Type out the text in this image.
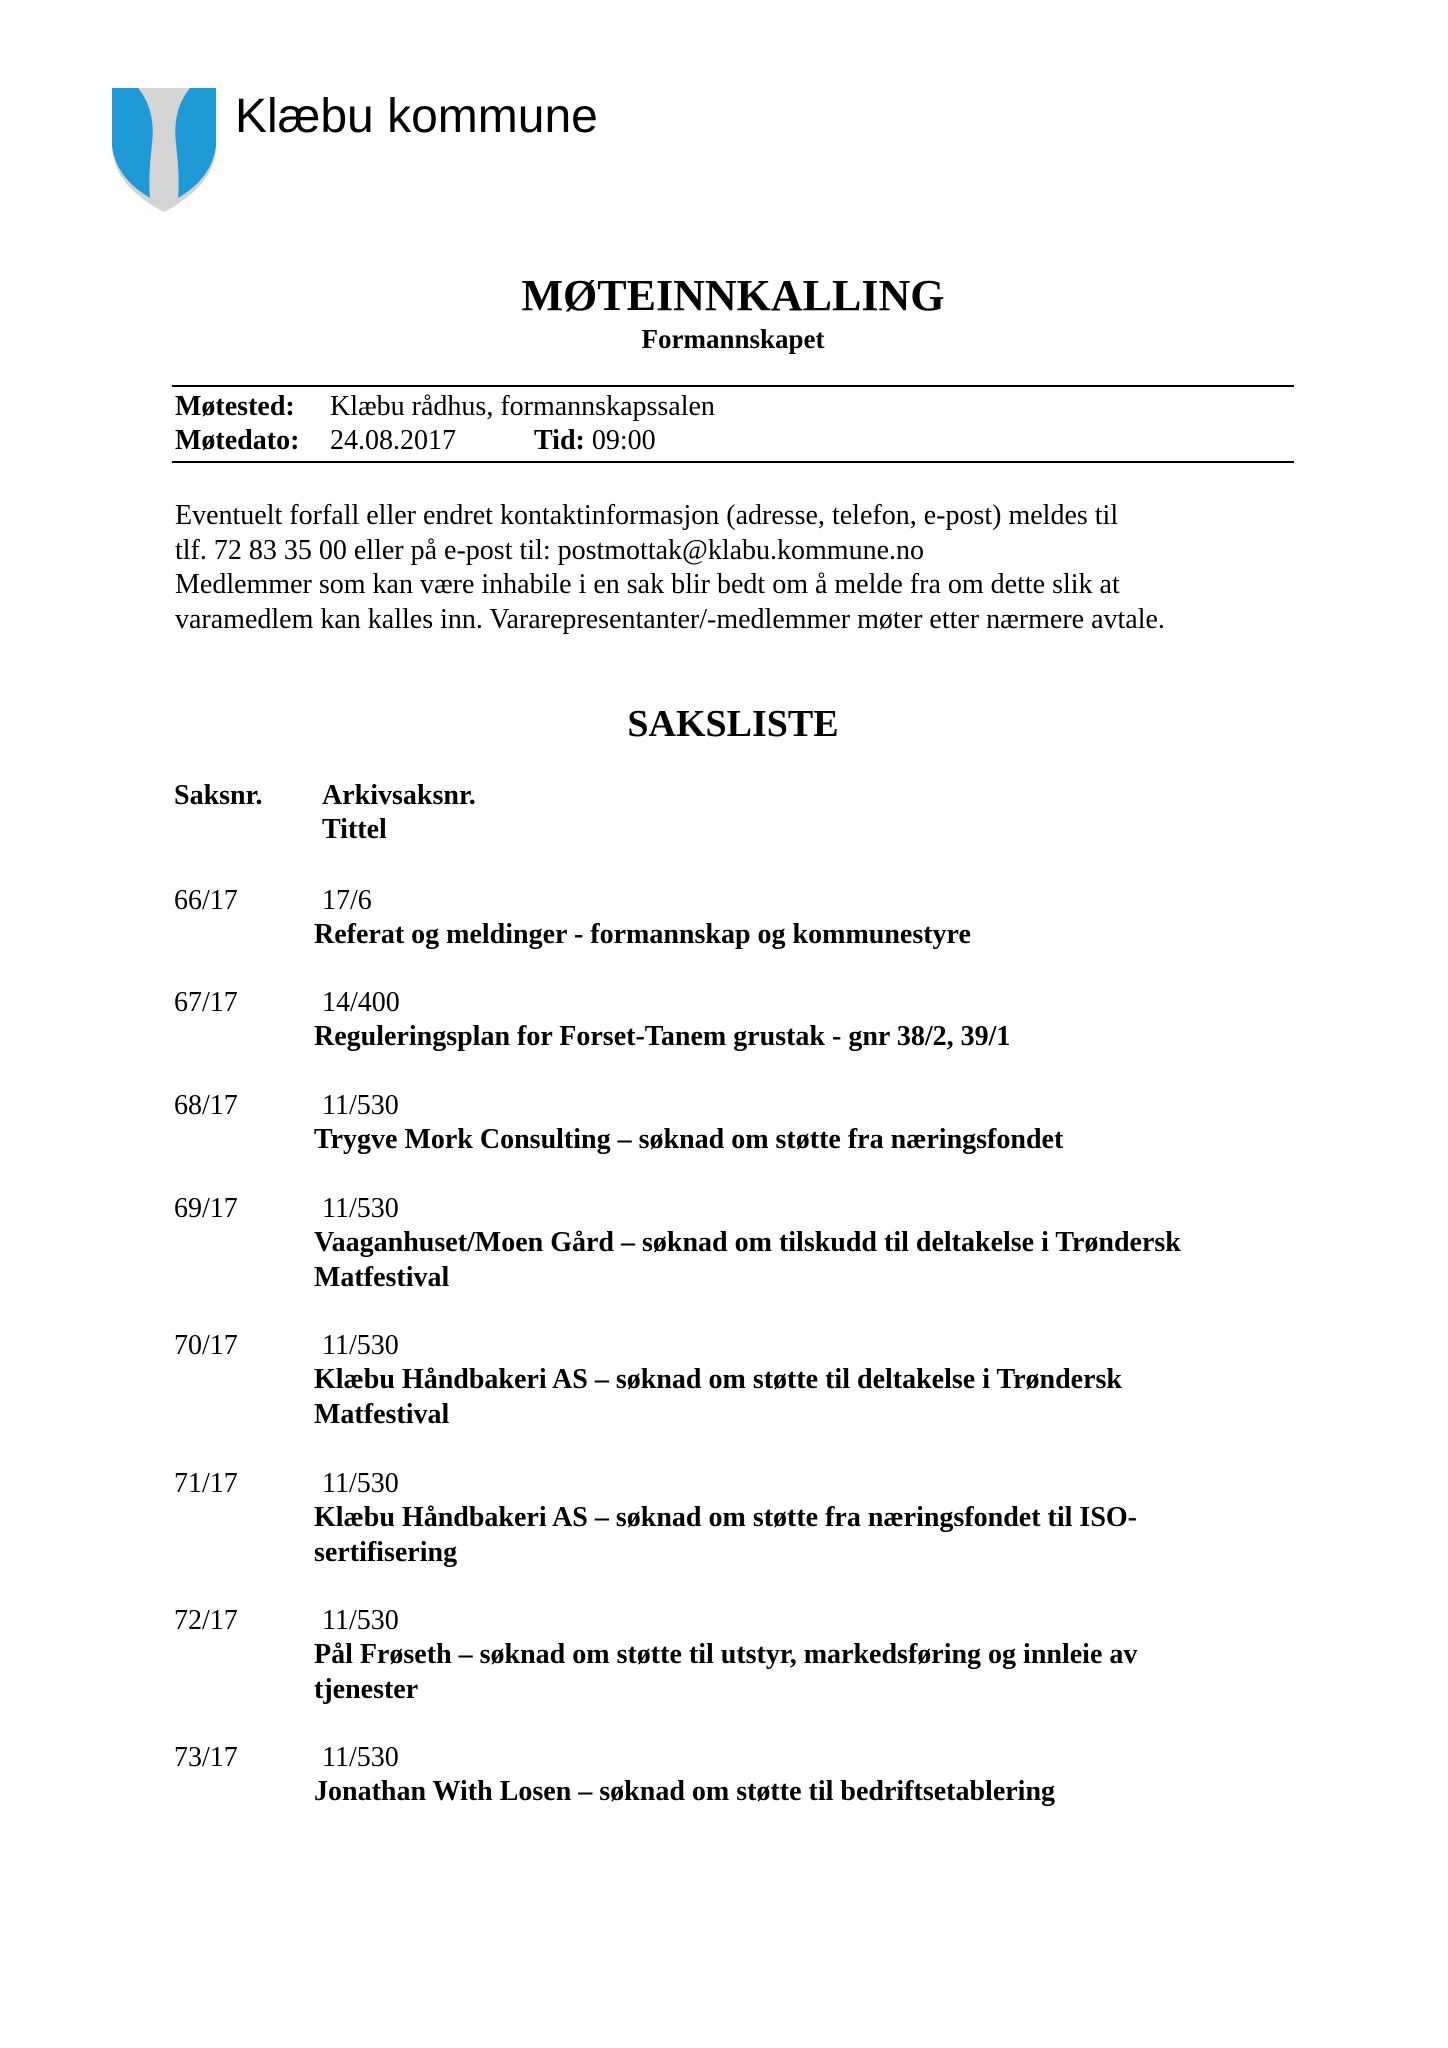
Klæbu kommune
MØTEINNKALLING
Formannskapet
Møtested: Klæbu rådhus, formannskapssalen
Møtedato: 24.08.2017	Tid: 09:00

Eventuelt forfall eller endret kontaktinformasjon (adresse, telefon, e-post) meldes til

tlf. 72 83 35 00 eller på e-post til: postmottak@klabu.kommune.no

Medlemmer som kan være inhabile i en sak blir bedt om å melde fra om dette slik at

varamedlem kan kalles inn. Vararepresentanter/-medlemmer møter etter nærmere avtale.

SAKSLISTE
Saksnr. Arkivsaksnr.
Tittel
66/17	17/6
Referat og meldinger - formannskap og kommunestyre
67/17	14/400
Reguleringsplan for Forset-Tanem grustak - gnr 38/2, 39/1
68/17	11/530
Trygve Mork Consulting – søknad om støtte fra næringsfondet
69/17	11/530
Vaaganhuset/Moen Gård – søknad om tilskudd til deltakelse i Trøndersk
Matfestival
70/17	11/530
Klæbu Håndbakeri AS – søknad om støtte til deltakelse i Trøndersk
Matfestival
71/17	11/530
Klæbu Håndbakeri AS – søknad om støtte fra næringsfondet til ISO-
sertifisering
72/17	11/530
Pål Frøseth – søknad om støtte til utstyr, markedsføring og innleie av
tjenester
73/17	11/530
Jonathan With Losen – søknad om støtte til bedriftsetablering
